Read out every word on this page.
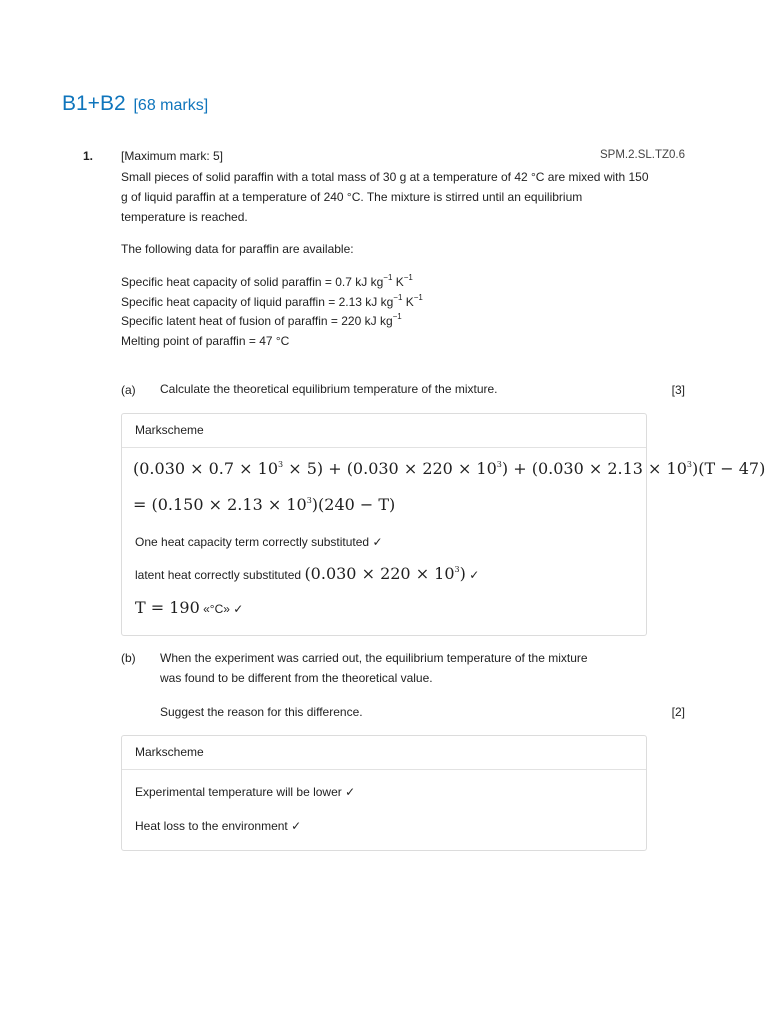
B1+B2 [68 marks]
1. [Maximum mark: 5]	SPM.2.SL.TZ0.6
Small pieces of solid paraffin with a total mass of 30 g at a temperature of 42 °C are mixed with 150
g of liquid paraffin at a temperature of 240 °C. The mixture is stirred until an equilibrium
temperature is reached.
The following data for paraffin are available:
Specific heat capacity of solid paraffin = 0.7 kJ $kg^{-1}$ $K^{-1}$
Specific heat capacity of liquid paraffin = 2.13 kJ $kg^{-1}$ $K^{-1}$
Specific latent heat of fusion of paraffin = 220 kJ $kg^{-1}$
Melting point of paraffin = 47 °C
(a) Calculate the theoretical equilibrium temperature of the mixture.	[3]
Markscheme
$(0.030 \times 0.7 \times 10^3 \times 5) + (0.030 \times 220 \times 10^3) + (0.030 \times 2.13 \times 10^3)(T - 47)$
= $(0.150 \times 2.13 \times 10^3)(240 - T)$
One heat capacity term correctly substituted ✓
latent heat correctly substituted $(0.030 \times 220 \times 10^3)$ ✓
T = 190 «°C» ✓
(b) When the experiment was carried out, the equilibrium temperature of the mixture
was found to be different from the theoretical value.
Suggest the reason for this difference.	[2]
Markscheme
Experimental temperature will be lower ✓
Heat loss to the environment ✓
